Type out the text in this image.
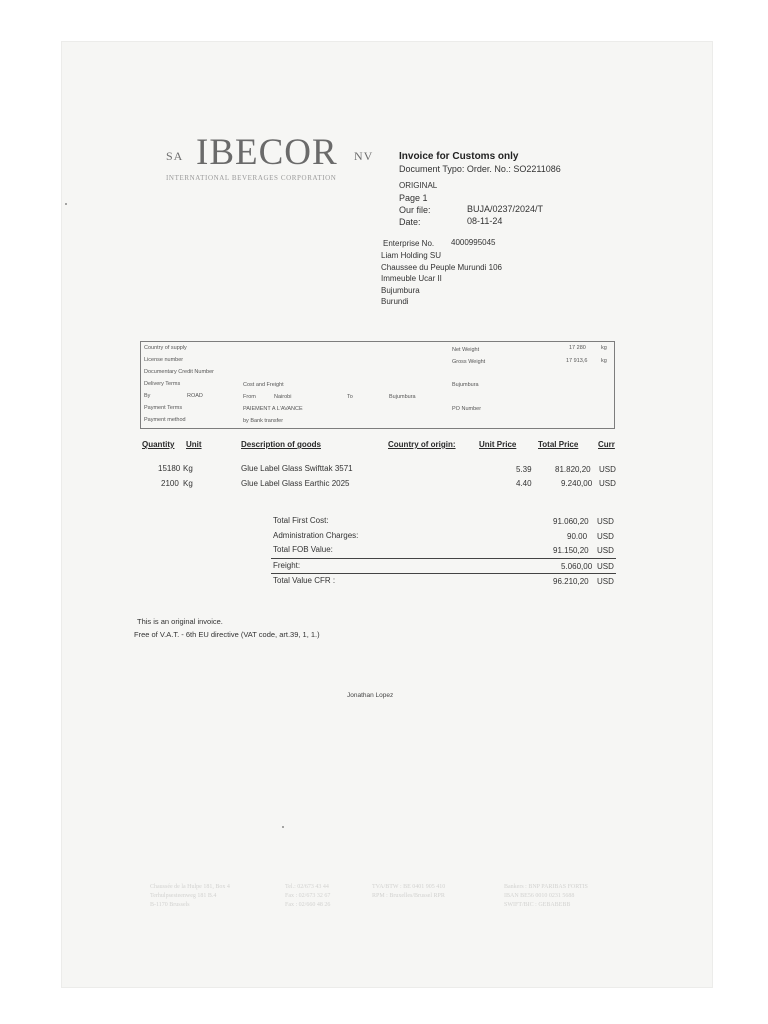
SA IBECOR NV
INTERNATIONAL BEVERAGES CORPORATION
Invoice for Customs only
Document Typo: Order. No.: SO2211086
ORIGINAL
Page 1
Our file:	BUJA/0237/2024/T
Date:	08-11-24
Enterprise No. 4000995045
Liam Holding SU
Chaussee du Peuple Murundi 106
Immeuble Ucar II
Bujumbura
Burundi
Country of supply
License number
Documentary Credit Number
Delivery Terms	Cost and Freight
By	ROAD	From	Nairobi	To	Bujumbura
Payment Terms	PAIEMENT A L'AVANCE
Payment method	by Bank transfer
Net Weight	17 280	kg
Gross Weight	17 913,6 kg
Bujumbura
PO Number
Quantity Unit	Description of goods	Country of origin:	Unit Price	Total Price Curr
15180 Kg	Glue Label Glass Swifttak 3571	5.39	81.820,20 USD
2100 Kg	Glue Label Glass Earthic 2025	4.40	9.240,00 USD
Total First Cost:	91.060,20 USD
Administration Charges:	90.00 USD
Total FOB Value:	91.150,20 USD
Freight:	5.060,00 USD
Total Value CFR :	96.210,20 USD
This is an original invoice.
Free of V.A.T. - 6th EU directive (VAT code, art.39, 1, 1.)
Jonathan Lopez
Chaussée de la Hulpe 181, Box 4
Terhulpsesteenweg 181 B.4
B-1170 Brussels
Tel.: 02/673 43 44
Fax : 02/673 32 67
Fax : 02/660 48 26
TVA/BTW : BE 0401 905 410
RPM : Bruxelles/Brussel RPR
Bankers : BNP PARIBAS FORTIS
IBAN BE56 0010 0231 5688
SWIFT/BIC : GEBABEBB
